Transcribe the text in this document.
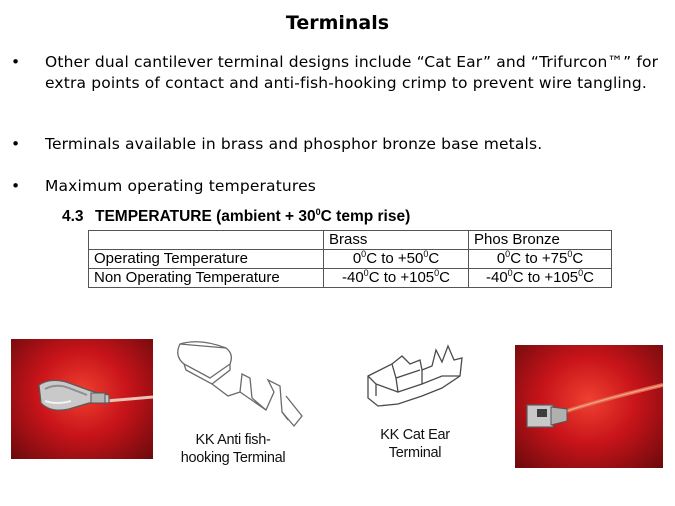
Terminals
• Other dual cantilever terminal designs include “Cat Ear” and “Trifurcon™” for extra points of contact and anti-fish-hooking crimp to prevent wire tangling.
• Terminals available in brass and phosphor bronze base metals.
• Maximum operating temperatures
4.3 TEMPERATURE (ambient + $30^0C$ temp rise)
	Brass	Phos Bronze
Operating Temperature	$0^0C$ to $+50^0C$	$0^0C$ to $+75^0C$
Non Operating Temperature	$-40^0C$ to $+105^0C$	$-40^0C$ to $+105^0C$
KK Anti fish-
hooking Terminal
KK Cat Ear
Terminal
